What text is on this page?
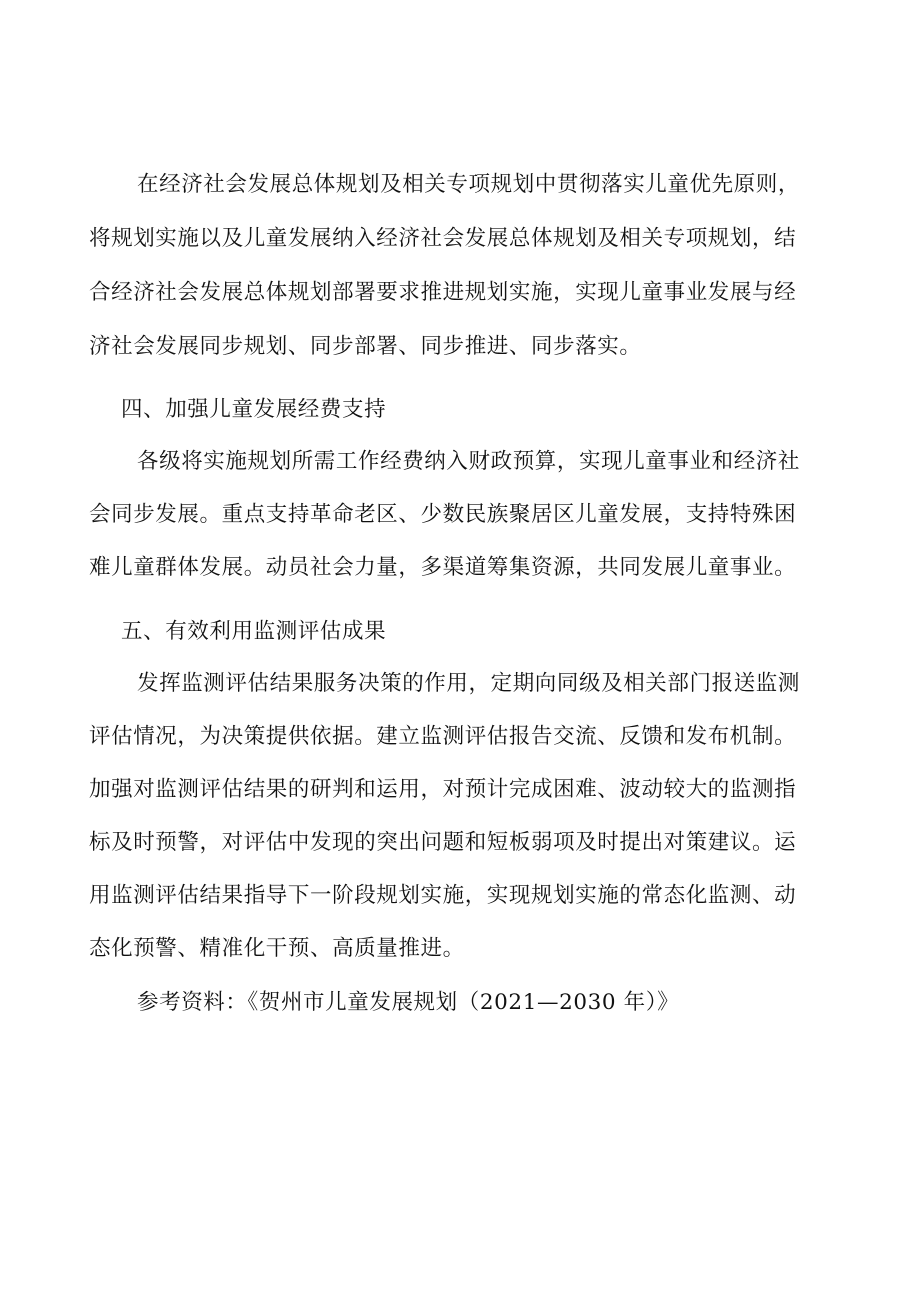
在经济社会发展总体规划及相关专项规划中贯彻落实儿童优先原则，
将规划实施以及儿童发展纳入经济社会发展总体规划及相关专项规划，结
合经济社会发展总体规划部署要求推进规划实施，实现儿童事业发展与经
济社会发展同步规划、同步部署、同步推进、同步落实。
四、加强儿童发展经费支持
各级将实施规划所需工作经费纳入财政预算，实现儿童事业和经济社
会同步发展。重点支持革命老区、少数民族聚居区儿童发展，支持特殊困
难儿童群体发展。动员社会力量，多渠道筹集资源，共同发展儿童事业。
五、有效利用监测评估成果
发挥监测评估结果服务决策的作用，定期向同级及相关部门报送监测
评估情况，为决策提供依据。建立监测评估报告交流、反馈和发布机制。
加强对监测评估结果的研判和运用，对预计完成困难、波动较大的监测指
标及时预警，对评估中发现的突出问题和短板弱项及时提出对策建议。运
用监测评估结果指导下一阶段规划实施，实现规划实施的常态化监测、动
态化预警、精准化干预、高质量推进。
参考资料：《贺州市儿童发展规划（2021—2030 年）》
